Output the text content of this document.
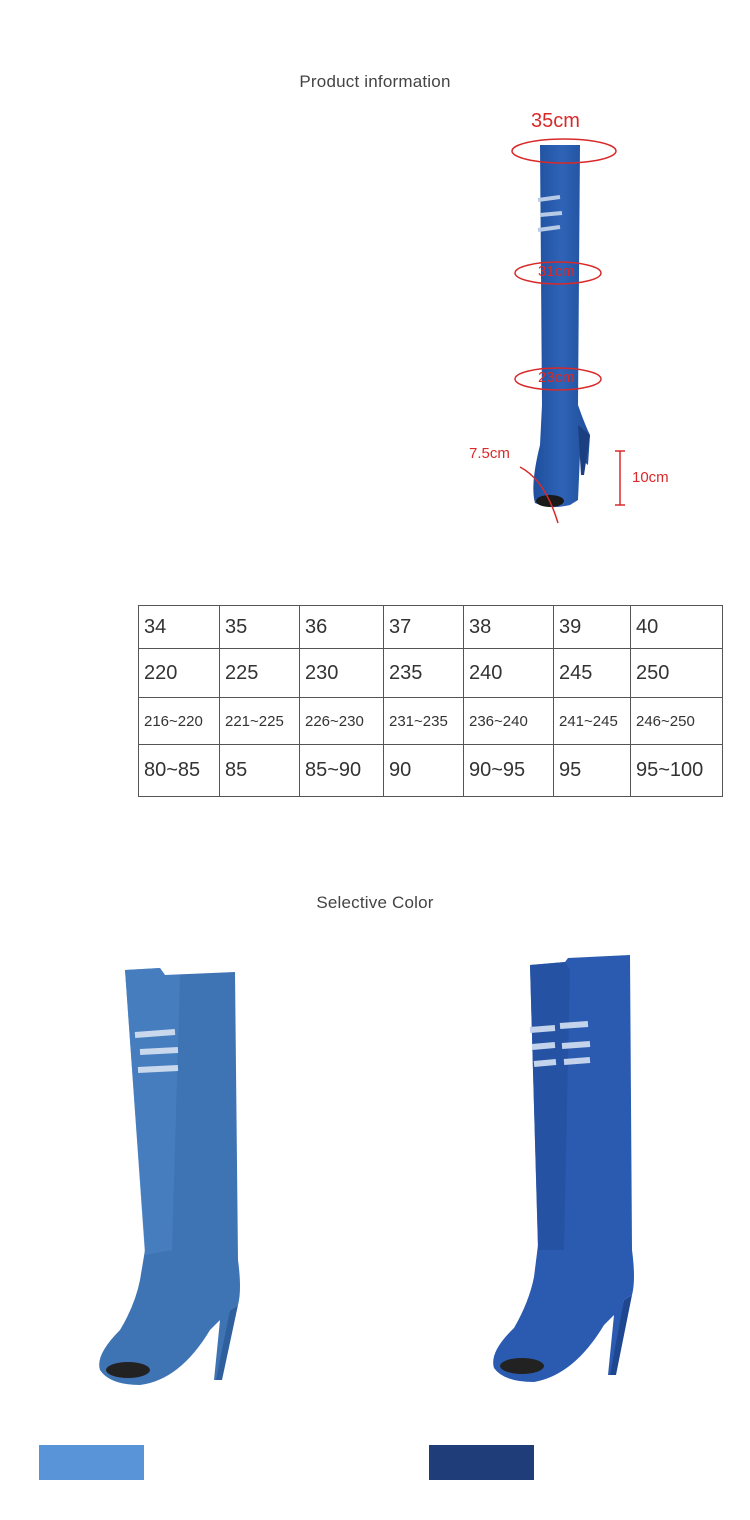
Product information
35cm
31cm
23cm
7.5cm
10cm
34	35	36	37	38	39	40
220	225	230	235	240	245	250
216~220	221~225	226~230	231~235	236~240	241~245	246~250
80~85	85	85~90	90	90~95	95	95~100
Selective Color
